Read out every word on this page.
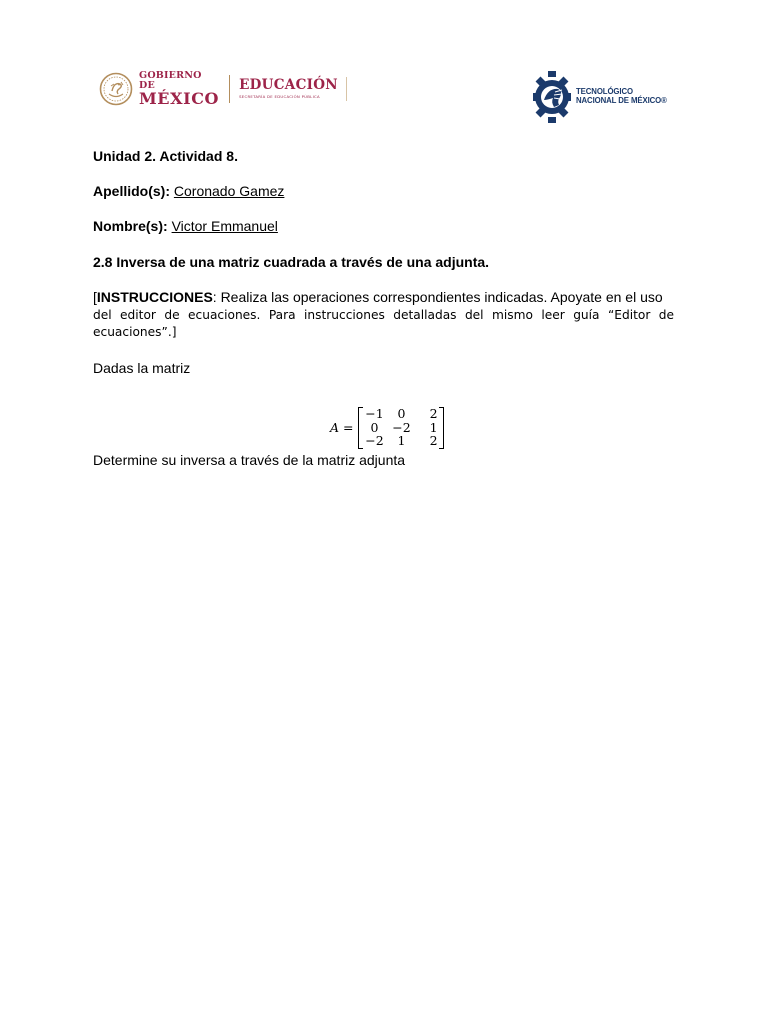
GOBIERNO DE
MÉXICO
EDUCACIÓN
SECRETARÍA DE EDUCACIÓN PÚBLICA
TECNOLÓGICO
NACIONAL DE MÉXICO®
Unidad 2. Actividad 8.
Apellido(s): Coronado Gamez
Nombre(s): Victor Emmanuel
2.8 Inversa de una matriz cuadrada a través de una adjunta.
[INSTRUCCIONES: Realiza las operaciones correspondientes indicadas. Apoyate en el uso
del editor de ecuaciones. Para instrucciones detalladas del mismo leer guía “Editor de ecuaciones”.]
Dadas la matriz
A =
−1	0	2
0	−2	1
−2	1	2
Determine su inversa a través de la matriz adjunta
